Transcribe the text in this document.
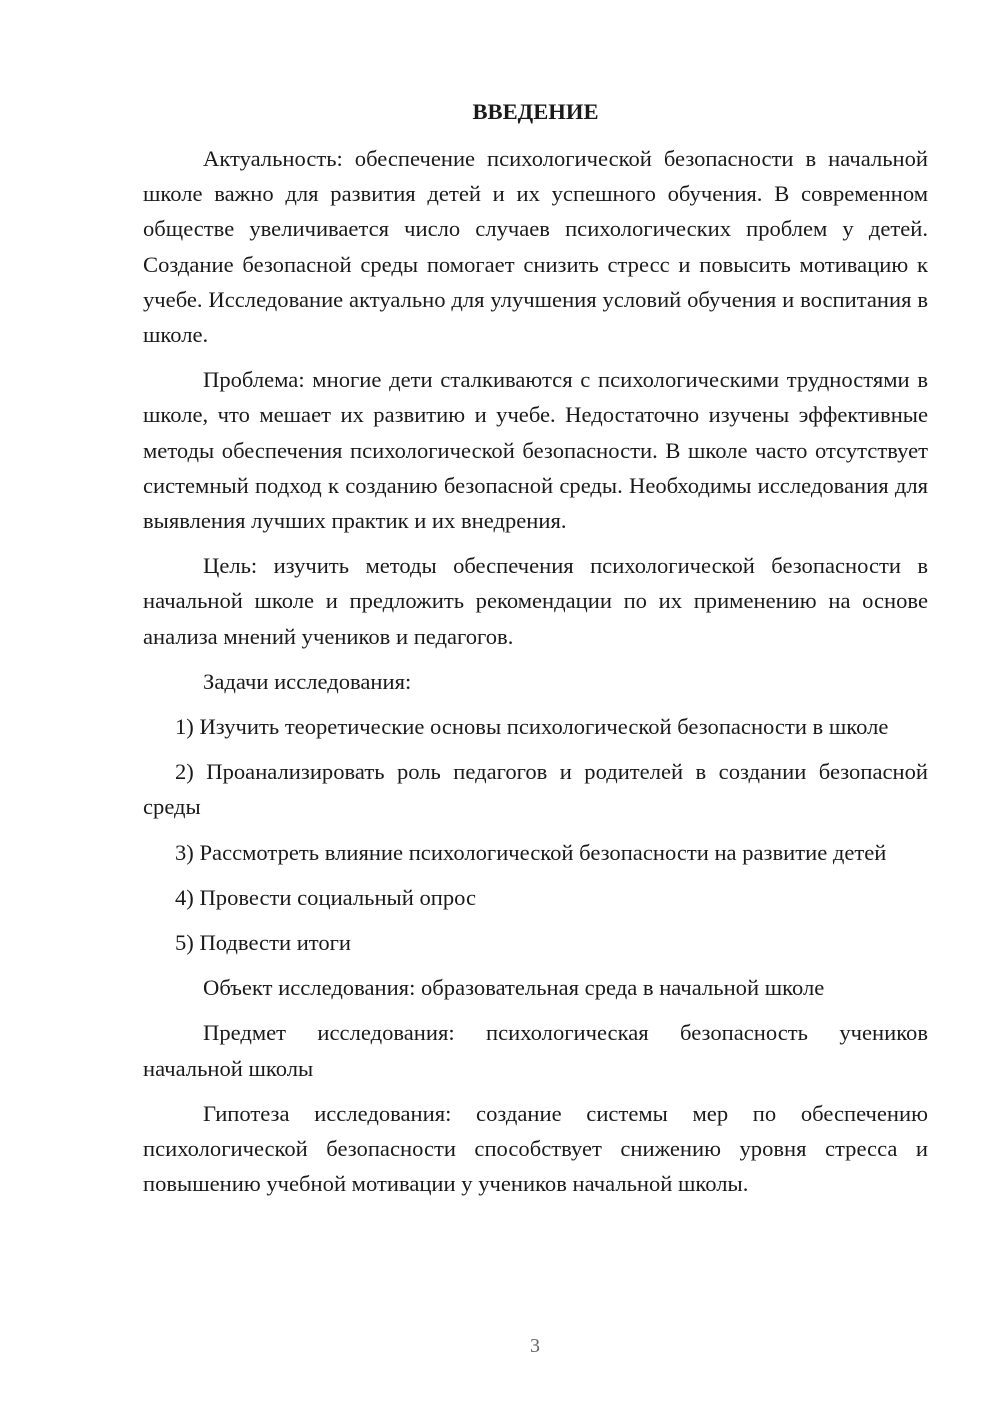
ВВЕДЕНИЕ

Актуальность: обеспечение психологической безопасности в начальной школе важно для развития детей и их успешного обучения. В современном обществе увеличивается число случаев психологических проблем у детей. Создание безопасной среды помогает снизить стресс и повысить мотивацию к учебе. Исследование актуально для улучшения условий обучения и воспитания в школе.

Проблема: многие дети сталкиваются с психологическими трудностями в школе, что мешает их развитию и учебе. Недостаточно изучены эффективные методы обеспечения психологической безопасности. В школе часто отсутствует системный подход к созданию безопасной среды. Необходимы исследования для выявления лучших практик и их внедрения.

Цель: изучить методы обеспечения психологической безопасности в начальной школе и предложить рекомендации по их применению на основе анализа мнений учеников и педагогов.

Задачи исследования:

1) Изучить теоретические основы психологической безопасности в школе

2) Проанализировать роль педагогов и родителей в создании безопасной среды

3) Рассмотреть влияние психологической безопасности на развитие детей

4) Провести социальный опрос

5) Подвести итоги

Объект исследования: образовательная среда в начальной школе

Предмет исследования: психологическая безопасность учеников начальной школы

Гипотеза исследования: создание системы мер по обеспечению психологической безопасности способствует снижению уровня стресса и повышению учебной мотивации у учеников начальной школы.

3
